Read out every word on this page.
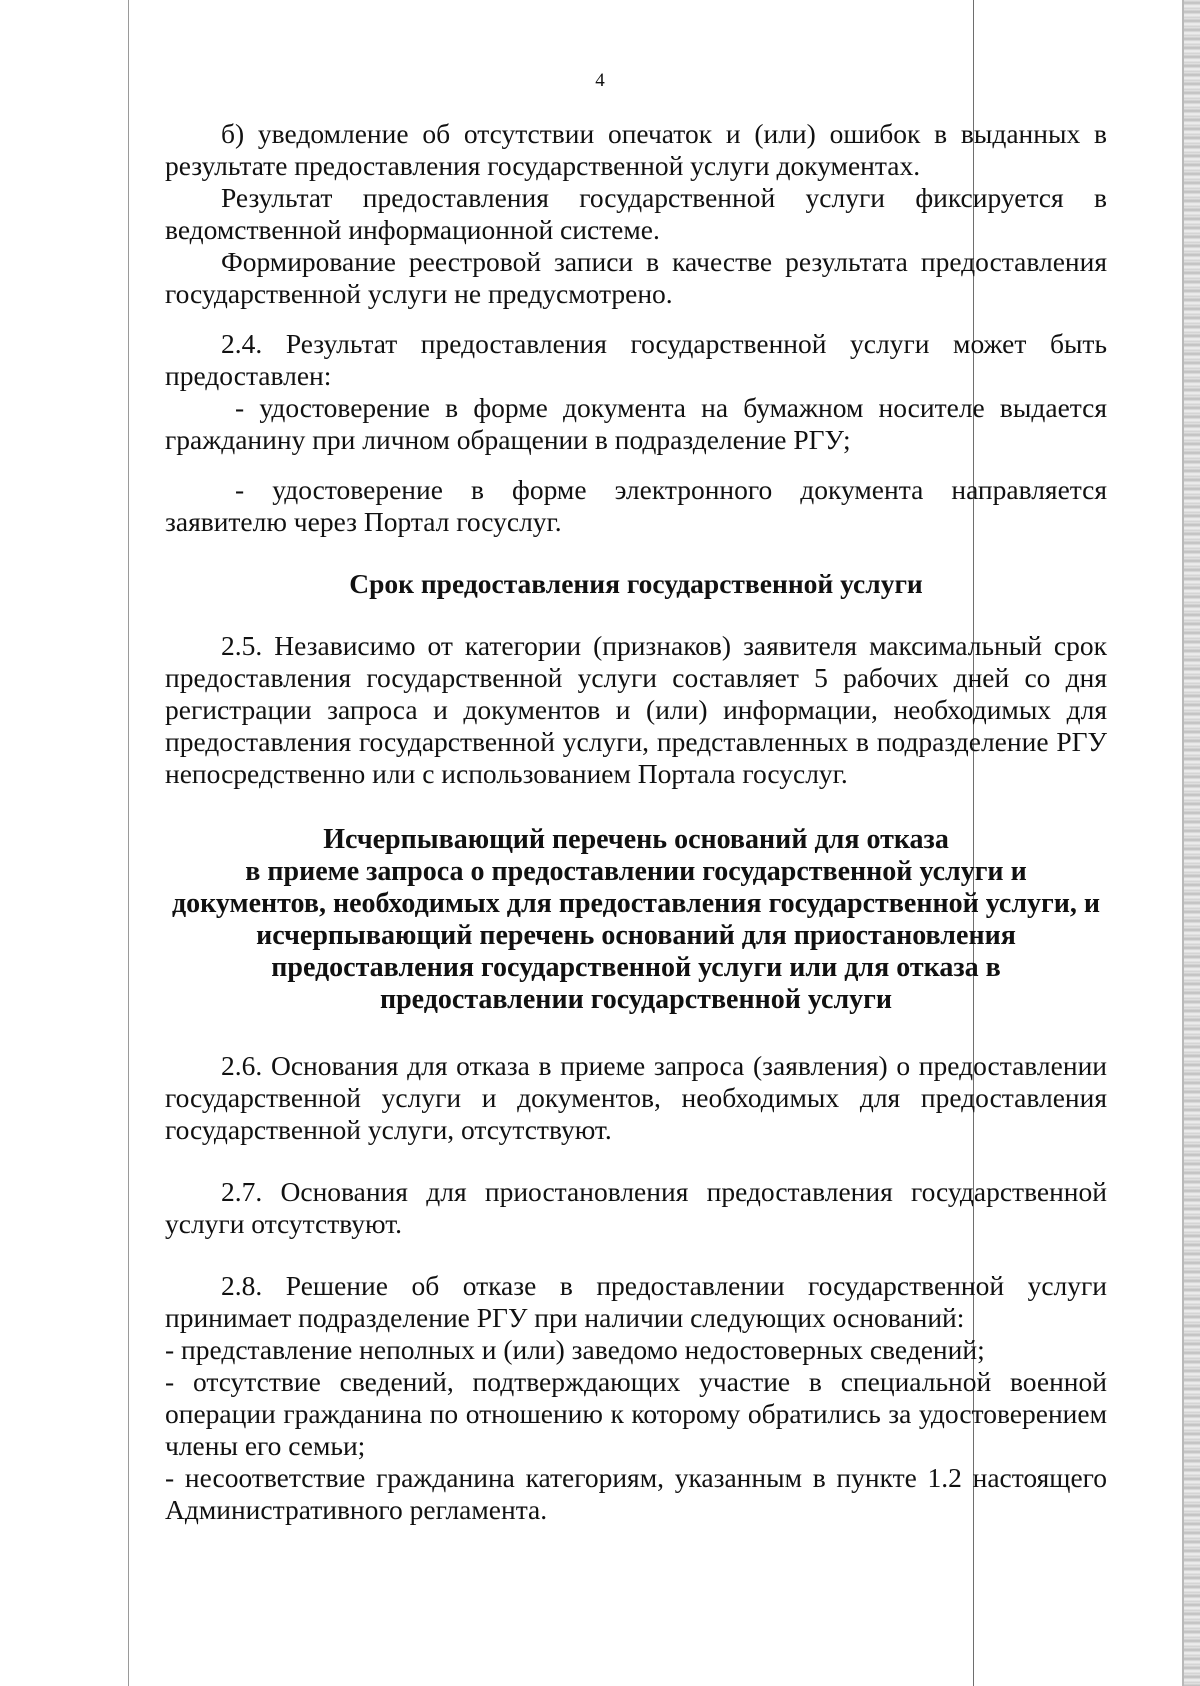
4

б) уведомление об отсутствии опечаток и (или) ошибок в выданных в результате предоставления государственной услуги документах.

Результат предоставления государственной услуги фиксируется в ведомственной информационной системе.

Формирование реестровой записи в качестве результата предоставления государственной услуги не предусмотрено.

2.4. Результат предоставления государственной услуги может быть предоставлен:

- удостоверение в форме документа на бумажном носителе выдается гражданину при личном обращении в подразделение РГУ;

- удостоверение в форме электронного документа направляется заявителю через Портал госуслуг.

Срок предоставления государственной услуги

2.5. Независимо от категории (признаков) заявителя максимальный срок предоставления государственной услуги составляет 5 рабочих дней со дня регистрации запроса и документов и (или) информации, необходимых для предоставления государственной услуги, представленных в подразделение РГУ непосредственно или с использованием Портала госуслуг.

Исчерпывающий перечень оснований для отказа
в приеме запроса о предоставлении государственной услуги и
документов, необходимых для предоставления государственной услуги, и
исчерпывающий перечень оснований для приостановления
предоставления государственной услуги или для отказа в
предоставлении государственной услуги

2.6. Основания для отказа в приеме запроса (заявления) о предоставлении государственной услуги и документов, необходимых для предоставления государственной услуги, отсутствуют.

2.7. Основания для приостановления предоставления государственной услуги отсутствуют.

2.8. Решение об отказе в предоставлении государственной услуги принимает подразделение РГУ при наличии следующих оснований:

- представление неполных и (или) заведомо недостоверных сведений;

- отсутствие сведений, подтверждающих участие в специальной военной операции гражданина по отношению к которому обратились за удостоверением члены его семьи;

- несоответствие гражданина категориям, указанным в пункте 1.2 настоящего Административного регламента.
